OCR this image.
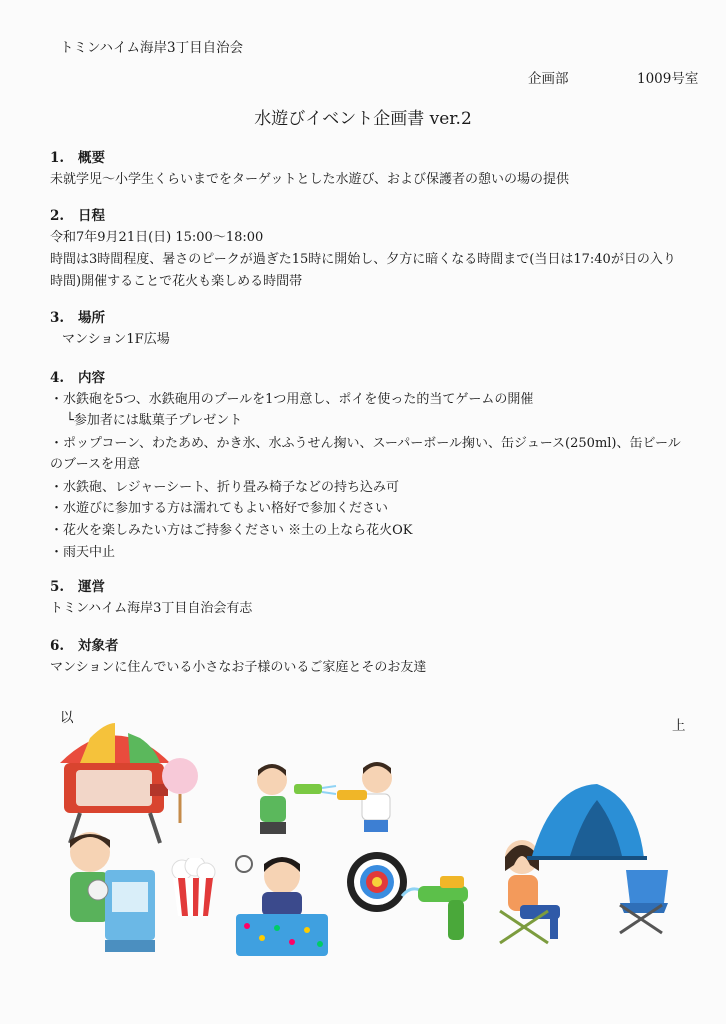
トミンハイム海岸3丁目自治会
企画部	1009号室
水遊びイベント企画書 ver.2
1. 概要
未就学児～小学生くらいまでをターゲットとした水遊び、および保護者の憩いの場の提供
2. 日程
令和7年9月21日(日) 15:00～18:00
時間は3時間程度、暑さのピークが過ぎた15時に開始し、夕方に暗くなる時間まで(当日は17:40が日の入り
時間)開催することで花火も楽しめる時間帯
3. 場所
マンション1F広場
4. 内容
・水鉄砲を5つ、水鉄砲用のプールを1つ用意し、ポイを使った的当てゲームの開催
└参加者には駄菓子プレゼント
・ポップコーン、わたあめ、かき氷、水ふうせん掬い、スーパーボール掬い、缶ジュース(250ml)、缶ビール
のブースを用意
・水鉄砲、レジャーシート、折り畳み椅子などの持ち込み可
・水遊びに参加する方は濡れてもよい格好で参加ください
・花火を楽しみたい方はご持参ください ※土の上なら花火OK
・雨天中止
5. 運営
トミンハイム海岸3丁目自治会有志
6. 対象者
マンションに住んでいる小さなお子様のいるご家庭とそのお友達
以	上
